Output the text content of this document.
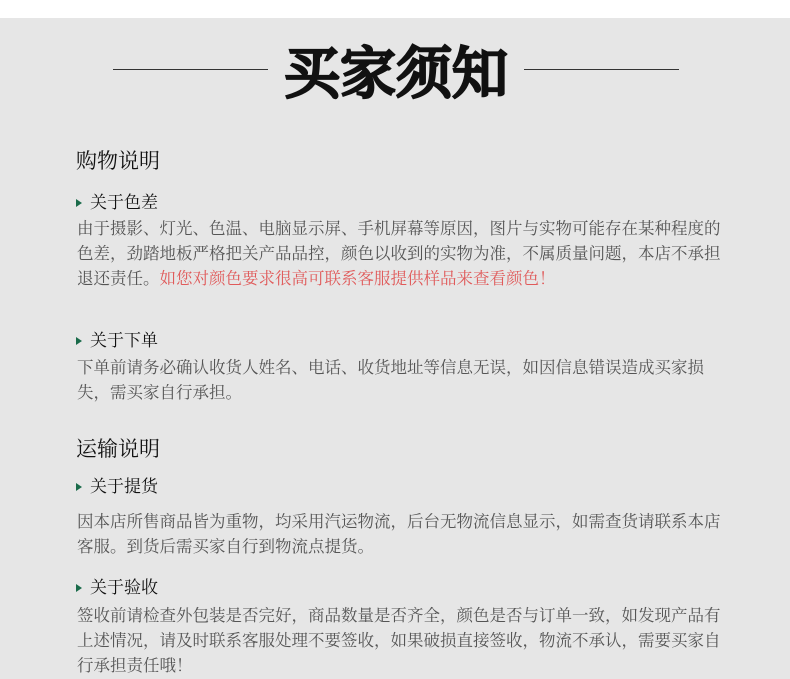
买家须知
购物说明
关于色差
由于摄影、灯光、色温、电脑显示屏、手机屏幕等原因，图片与实物可能存在某种程度的色差，劲踏地板严格把关产品品控，颜色以收到的实物为准，不属质量问题，本店不承担退还责任。如您对颜色要求很高可联系客服提供样品来查看颜色！
关于下单
下单前请务必确认收货人姓名、电话、收货地址等信息无误，如因信息错误造成买家损失，需买家自行承担。
运输说明
关于提货
因本店所售商品皆为重物，均采用汽运物流，后台无物流信息显示，如需查货请联系本店客服。到货后需买家自行到物流点提货。
关于验收
签收前请检查外包装是否完好，商品数量是否齐全，颜色是否与订单一致，如发现产品有上述情况，请及时联系客服处理不要签收，如果破损直接签收，物流不承认，需要买家自行承担责任哦！
